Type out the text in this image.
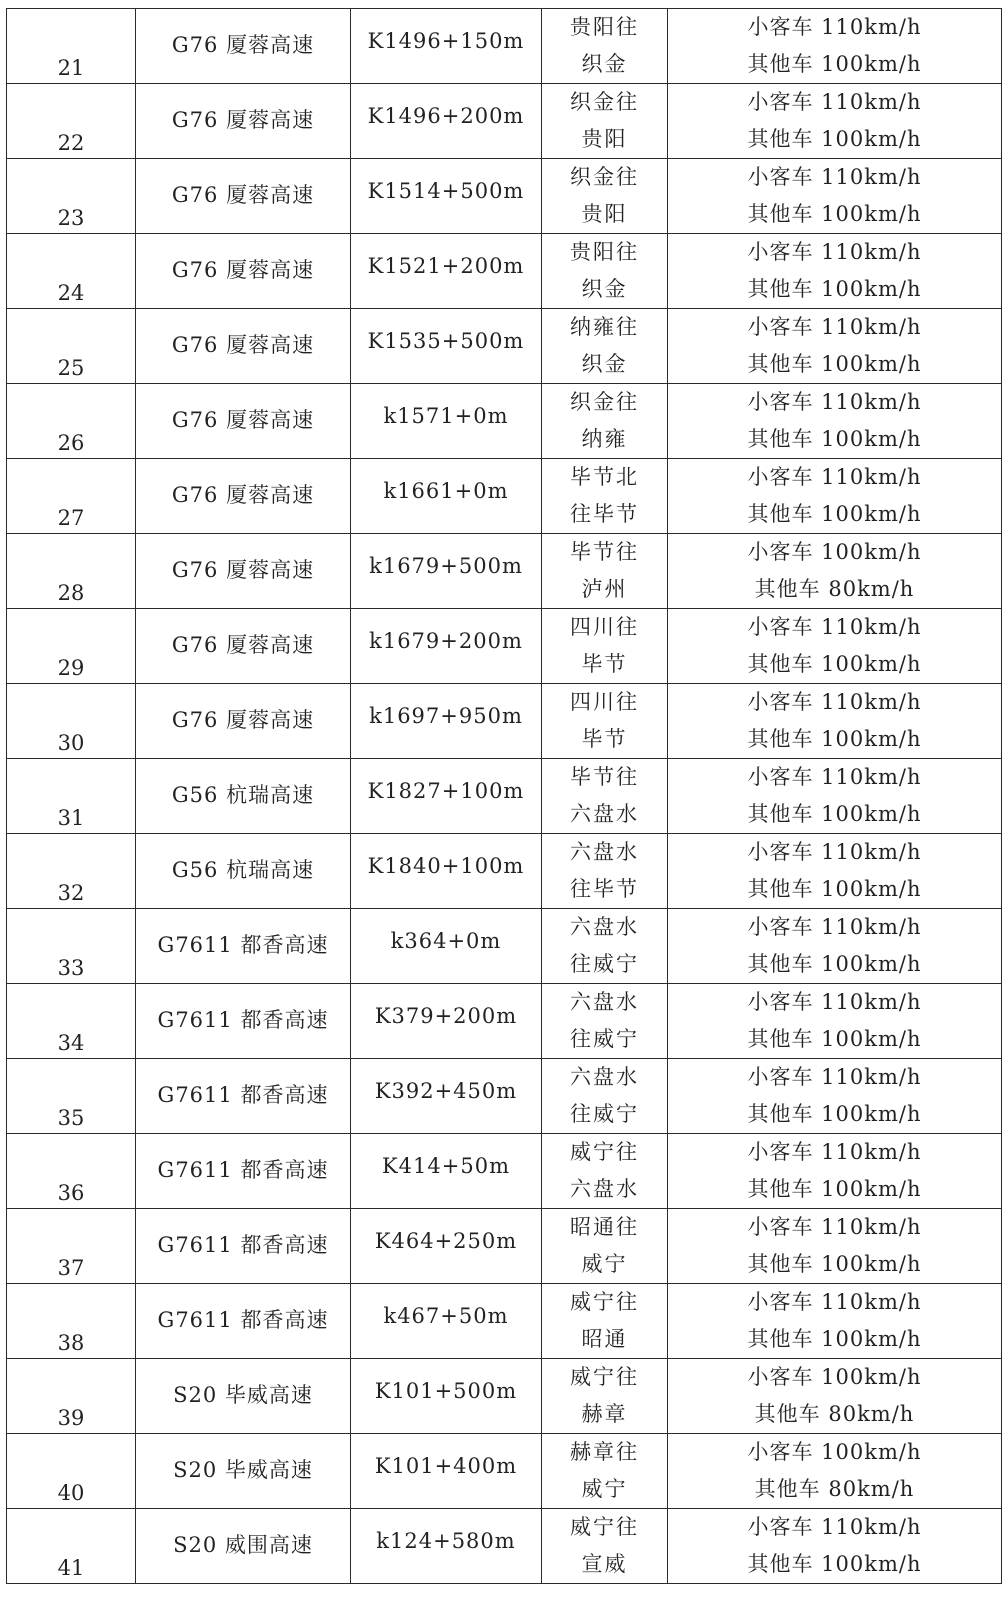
21	G76 厦蓉高速	K1496+150m	贵阳往
织金	小客车 110km/h
其他车 100km/h

22	G76 厦蓉高速	K1496+200m	织金往
贵阳	小客车 110km/h
其他车 100km/h

23	G76 厦蓉高速	K1514+500m	织金往
贵阳	小客车 110km/h
其他车 100km/h

24	G76 厦蓉高速	K1521+200m	贵阳往
织金	小客车 110km/h
其他车 100km/h

25	G76 厦蓉高速	K1535+500m	纳雍往
织金	小客车 110km/h
其他车 100km/h

26	G76 厦蓉高速	k1571+0m	织金往
纳雍	小客车 110km/h
其他车 100km/h

27	G76 厦蓉高速	k1661+0m	毕节北
往毕节	小客车 110km/h
其他车 100km/h

28	G76 厦蓉高速	k1679+500m	毕节往
泸州	小客车 100km/h
其他车 80km/h

29	G76 厦蓉高速	k1679+200m	四川往
毕节	小客车 110km/h
其他车 100km/h

30	G76 厦蓉高速	k1697+950m	四川往
毕节	小客车 110km/h
其他车 100km/h

31	G56 杭瑞高速	K1827+100m	毕节往
六盘水	小客车 110km/h
其他车 100km/h

32	G56 杭瑞高速	K1840+100m	六盘水
往毕节	小客车 110km/h
其他车 100km/h

33	G7611 都香高速	k364+0m	六盘水
往威宁	小客车 110km/h
其他车 100km/h

34	G7611 都香高速	K379+200m	六盘水
往威宁	小客车 110km/h
其他车 100km/h

35	G7611 都香高速	K392+450m	六盘水
往威宁	小客车 110km/h
其他车 100km/h

36	G7611 都香高速	K414+50m	威宁往
六盘水	小客车 110km/h
其他车 100km/h

37	G7611 都香高速	K464+250m	昭通往
威宁	小客车 110km/h
其他车 100km/h

38	G7611 都香高速	k467+50m	威宁往
昭通	小客车 110km/h
其他车 100km/h

39	S20 毕威高速	K101+500m	威宁往
赫章	小客车 100km/h
其他车 80km/h

40	S20 毕威高速	K101+400m	赫章往
威宁	小客车 100km/h
其他车 80km/h

41	S20 威围高速	k124+580m	威宁往
宣威	小客车 110km/h
其他车 100km/h
